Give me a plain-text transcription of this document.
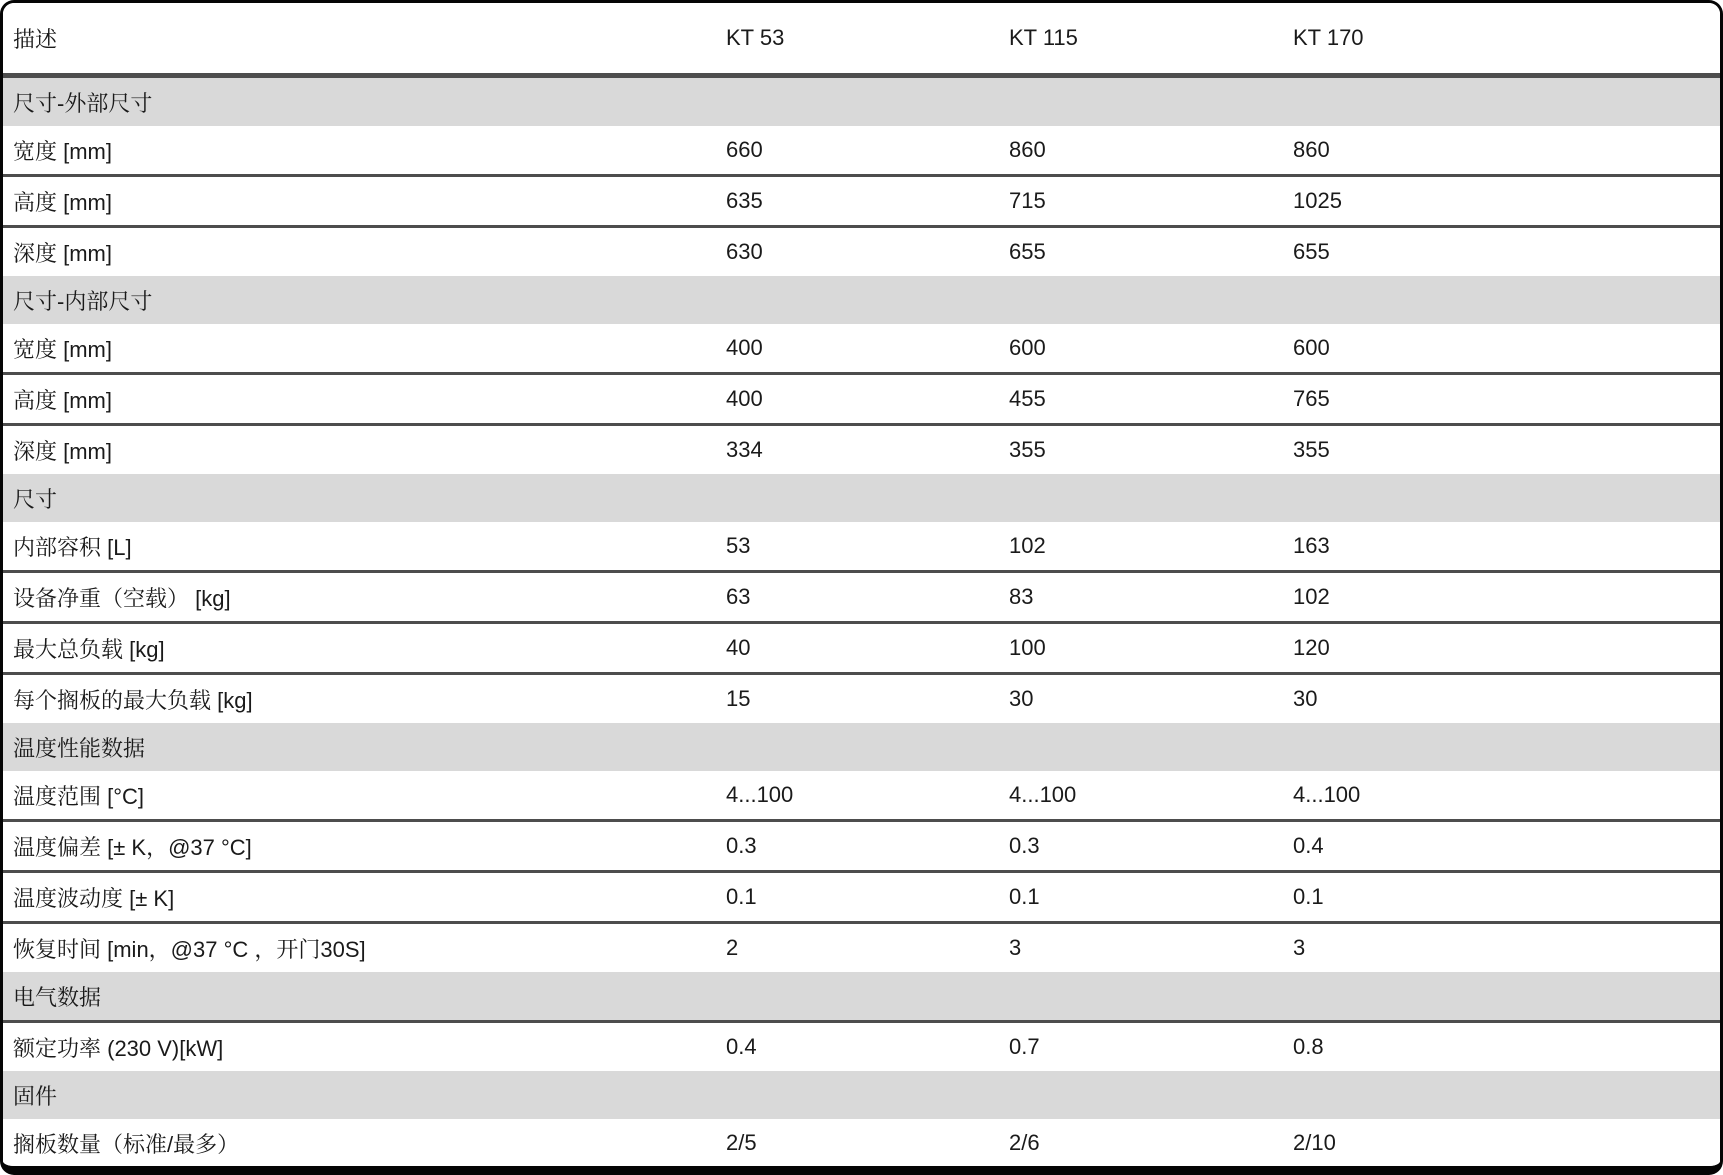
描述	KT 53	KT 115	KT 170
尺寸-外部尺寸			
宽度 [mm]	660	860	860
高度 [mm]	635	715	1025
深度 [mm]	630	655	655
尺寸-内部尺寸			
宽度 [mm]	400	600	600
高度 [mm]	400	455	765
深度 [mm]	334	355	355
尺寸			
内部容积 [L]	53	102	163
设备净重（空载） [kg]	63	83	102
最大总负载 [kg]	40	100	120
每个搁板的最大负载 [kg]	15	30	30
温度性能数据			
温度范围 [°C]	4...100	4...100	4...100
温度偏差 [± K，@37 °C]	0.3	0.3	0.4
温度波动度 [± K]	0.1	0.1	0.1
恢复时间 [min，@37 °C ，开门30S]	2	3	3
电气数据			
额定功率 (230 V)[kW]	0.4	0.7	0.8
固件			
搁板数量（标准/最多）	2/5	2/6	2/10
